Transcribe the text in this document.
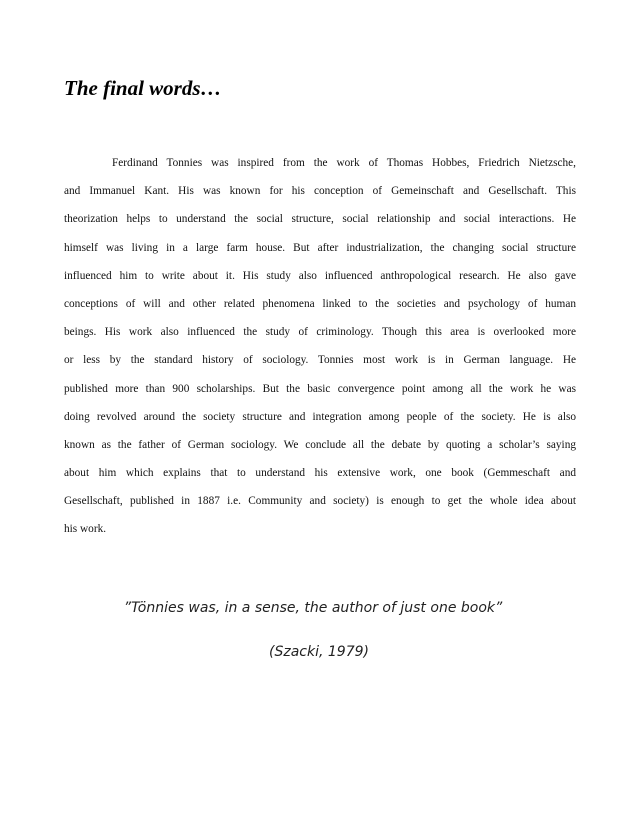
The final words…
Ferdinand Tonnies was inspired from the work of Thomas Hobbes, Friedrich Nietzsche,
and Immanuel Kant. His was known for his conception of Gemeinschaft and Gesellschaft. This
theorization helps to understand the social structure, social relationship and social interactions. He
himself was living in a large farm house. But after industrialization, the changing social structure
influenced him to write about it. His study also influenced anthropological research. He also gave
conceptions of will and other related phenomena linked to the societies and psychology of human
beings. His work also influenced the study of criminology. Though this area is overlooked more
or less by the standard history of sociology. Tonnies most work is in German language. He
published more than 900 scholarships. But the basic convergence point among all the work he was
doing revolved around the society structure and integration among people of the society. He is also
known as the father of German sociology. We conclude all the debate by quoting a scholar’s saying
about him which explains that to understand his extensive work, one book (Gemmeschaft and
Gesellschaft, published in 1887 i.e. Community and society) is enough to get the whole idea about
his work.

”Tönnies was, in a sense, the author of just one book”

(Szacki, 1979)
